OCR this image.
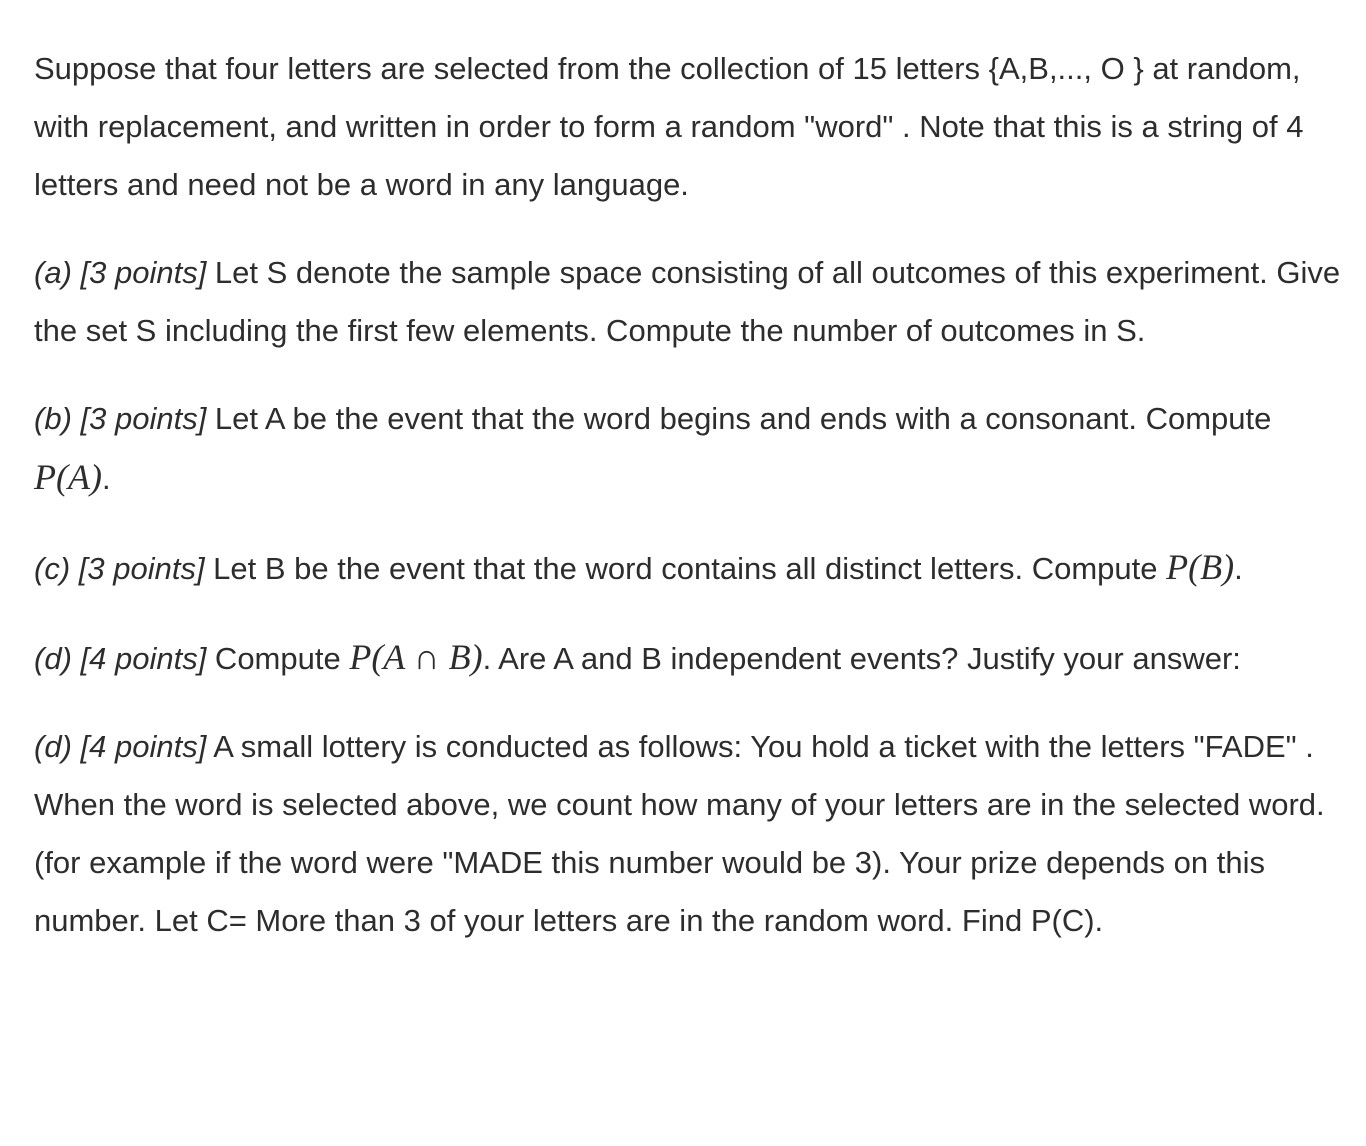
Suppose that four letters are selected from the collection of 15 letters {A,B,..., O } at random, with replacement, and written in order to form a random "word" . Note that this is a string of 4 letters and need not be a word in any language.

(a) [3 points] Let S denote the sample space consisting of all outcomes of this experiment. Give the set S including the first few elements. Compute the number of outcomes in S.

(b) [3 points] Let A be the event that the word begins and ends with a consonant. Compute P(A).

(c) [3 points] Let B be the event that the word contains all distinct letters. Compute P(B).

(d) [4 points] Compute P(A ∩ B). Are A and B independent events? Justify your answer:

(d) [4 points] A small lottery is conducted as follows: You hold a ticket with the letters "FADE" . When the word is selected above, we count how many of your letters are in the selected word. (for example if the word were "MADE this number would be 3). Your prize depends on this number. Let C= More than 3 of your letters are in the random word. Find P(C).
